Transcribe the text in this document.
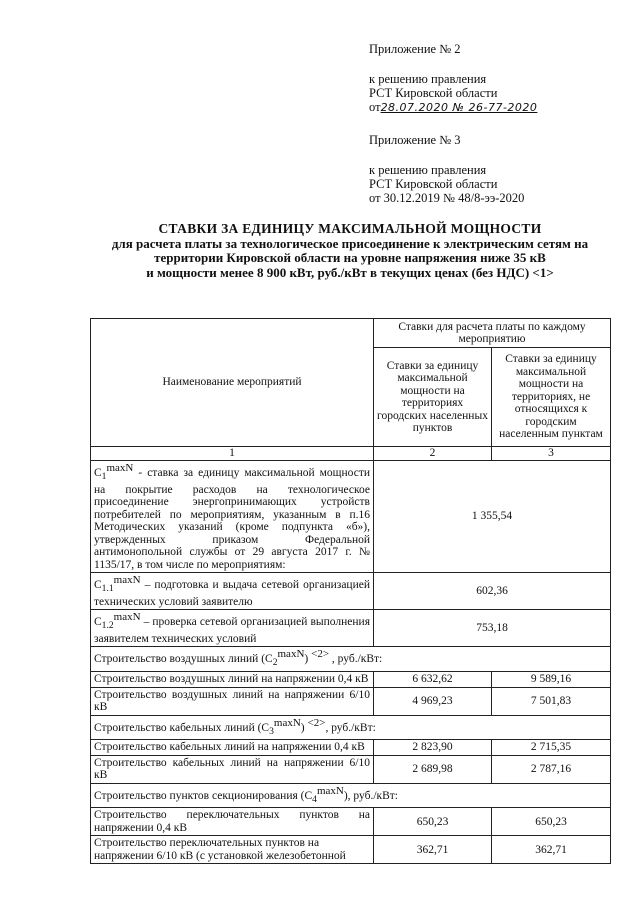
Приложение № 2
к решению правления
РСТ Кировской области
от28.07.2020 № 26-77-2020
Приложение № 3
к решению правления
РСТ Кировской области
от 30.12.2019 № 48/8-ээ-2020
СТАВКИ ЗА ЕДИНИЦУ МАКСИМАЛЬНОЙ МОЩНОСТИ
для расчета платы за технологическое присоединение к электрическим сетям на
территории Кировской области на уровне напряжения ниже 35 кВ
и мощности менее 8 900 кВт, руб./кВт в текущих ценах (без НДС) <1>
Наименование мероприятий	Ставки для расчета платы по каждому мероприятию	
	Ставки за единицу максимальной мощности на территориях городских населенных пунктов	Ставки за единицу максимальной мощности на территориях, не относящихся к городским населенным пунктам
1	2	3
$C_1^{maxN}$ - ставка за единицу максимальной мощности на покрытие расходов на технологическое присоединение энергопринимающих устройств потребителей по мероприятиям, указанным в п.16 Методических указаний (кроме подпункта «б»), утвержденных приказом Федеральной антимонопольной службы от 29 августа 2017 г. № 1135/17, в том числе по мероприятиям:	1 355,54	
$C_{1.1}^{maxN}$ – подготовка и выдача сетевой организацией технических условий заявителю	602,36	
$C_{1.2}^{maxN}$ – проверка сетевой организацией выполнения заявителем технических условий	753,18	
Строительство воздушных линий $(C_2^{maxN})$ $^{<2>}$ , руб./кВт:		
Строительство воздушных линий на напряжении 0,4 кВ	6 632,62	9 589,16
Строительство воздушных линий на напряжении 6/10 кВ	4 969,23	7 501,83
Строительство кабельных линий $(C_3^{maxN})$ $^{<2>}$, руб./кВт:		
Строительство кабельных линий на напряжении 0,4 кВ	2 823,90	2 715,35
Строительство кабельных линий на напряжении 6/10 кВ	2 689,98	2 787,16
Строительство пунктов секционирования $(C_4^{maxN})$, руб./кВт:		
Строительство переключательных пунктов на напряжении 0,4 кВ	650,23	650,23
Строительство переключательных пунктов на напряжении 6/10 кВ (с установкой железобетонной	362,71	362,71
